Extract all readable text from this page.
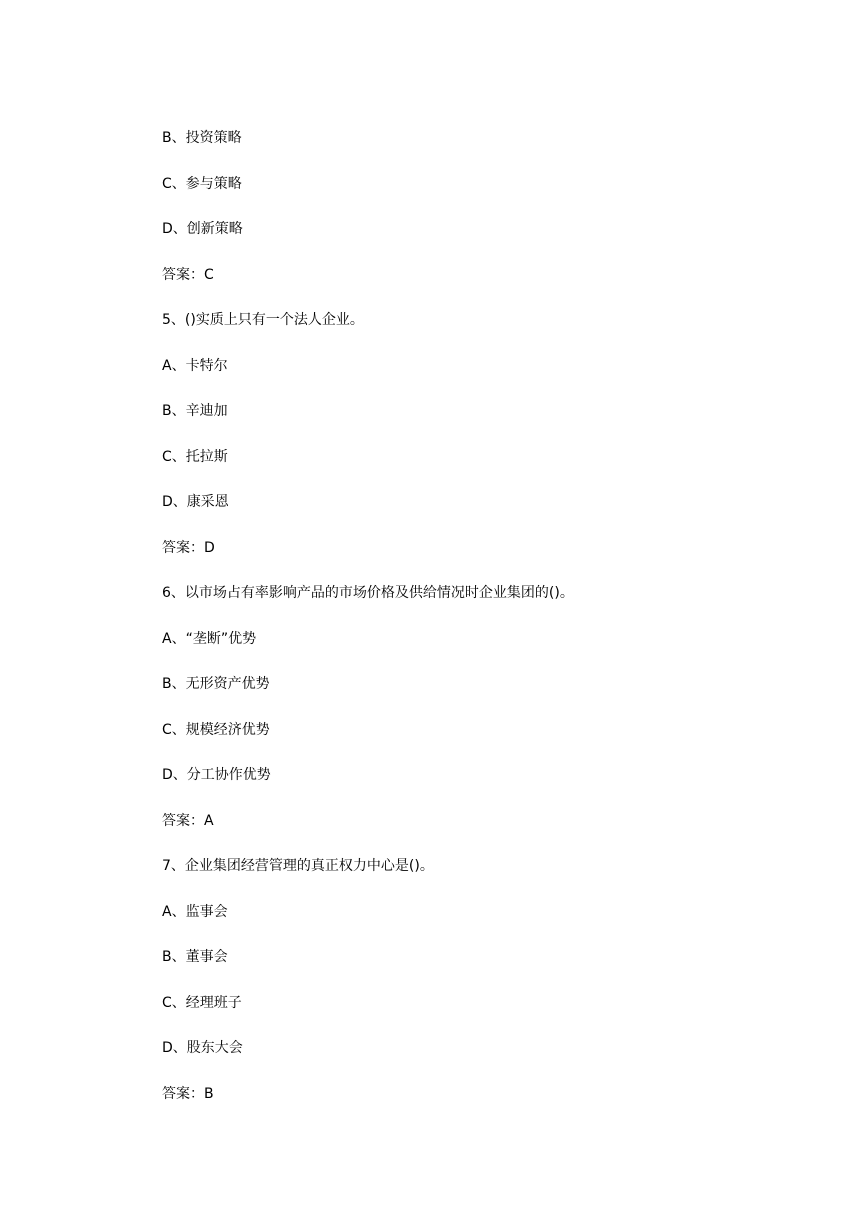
B、投资策略
C、参与策略
D、创新策略
答案：C
5、()实质上只有一个法人企业。
A、卡特尔
B、辛迪加
C、托拉斯
D、康采恩
答案：D
6、以市场占有率影响产品的市场价格及供给情况时企业集团的()。
A、“垄断”优势
B、无形资产优势
C、规模经济优势
D、分工协作优势
答案：A
7、企业集团经营管理的真正权力中心是()。
A、监事会
B、董事会
C、经理班子
D、股东大会
答案：B
